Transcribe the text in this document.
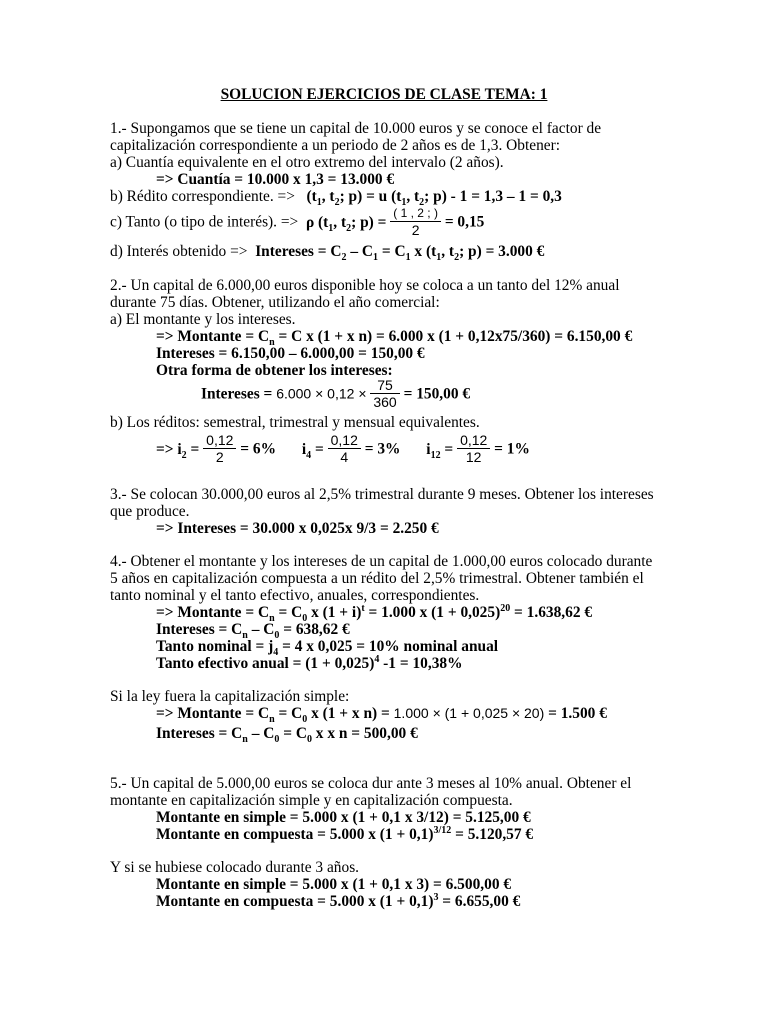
SOLUCION EJERCICIOS DE CLASE TEMA: 1
1.- Supongamos que se tiene un capital de 10.000 euros y se conoce el factor de
capitalización correspondiente a un periodo de 2 años es de 1,3. Obtener:
a) Cuantía equivalente en el otro extremo del intervalo (2 años).
=> Cuantía = 10.000 x 1,3 = 13.000 €
b) Rédito correspondiente. => ($t_1$, $t_2$; p) = u ($t_1$, $t_2$; p) - 1 = 1,3 – 1 = 0,3
c) Tanto (o tipo de interés). => ρ ($t_1$, $t_2$; $p) = \frac{( 1 , 2 ; )}{2} = 0,15$
d) Interés obtenido => Intereses = $C_2 - C_1 = C_1$ x ($t_1$, $t_2$; p) = 3.000 €
2.- Un capital de 6.000,00 euros disponible hoy se coloca a un tanto del 12% anual
durante 75 días. Obtener, utilizando el año comercial:
a) El montante y los intereses.
=> Montante = $C_n = C$ x (1 + x n) = 6.000 x (1 + 0,12x75/360) = 6.150,00 €
Intereses = 6.150,00 – 6.000,00 = 150,00 €
Otra forma de obtener los intereses:
Intereses = $6.000 \times 0,12 \times \frac{75}{360} = 150,00$ €
b) Los réditos: semestral, trimestral y mensual equivalentes.
=> $i_2 = \frac{0,12}{2} = 6\%$ $i_4 = \frac{0,12}{4} = 3\%$ $i_{12} = \frac{0,12}{12} = 1\%$
3.- Se colocan 30.000,00 euros al 2,5% trimestral durante 9 meses. Obtener los intereses
que produce.
=> Intereses = 30.000 x 0,025x 9/3 = 2.250 €
4.- Obtener el montante y los intereses de un capital de 1.000,00 euros colocado durante
5 años en capitalización compuesta a un rédito del 2,5% trimestral. Obtener también el
tanto nominal y el tanto efectivo, anuales, correspondientes.
=> Montante = $C_n = C_0$ x $(1 + i)^t = 1.000$ x $(1 + 0,025)^{20} = 1.638,62$ €
Intereses = $C_n - C_0 = 638,62$ €
Tanto nominal = $j_4 = 4$ x 0,025 = 10% nominal anual
Tanto efectivo anual = $(1 + 0,025)^4$ -1 = 10,38%
Si la ley fuera la capitalización simple:
=> Montante = $C_n = C_0$ x (1 + x n) = 1.000 × (1 + 0,025 × 20) = 1.500 €
Intereses = $C_n - C_0 = C_0$ x x n = 500,00 €
5.- Un capital de 5.000,00 euros se coloca dur ante 3 meses al 10% anual. Obtener el
montante en capitalización simple y en capitalización compuesta.
Montante en simple = 5.000 x (1 + 0,1 x 3/12) = 5.125,00 €
Montante en compuesta = 5.000 x $(1 + 0,1)^{3/12} = 5.120,57$ €
Y si se hubiese colocado durante 3 años.
Montante en simple = 5.000 x (1 + 0,1 x 3) = 6.500,00 €
Montante en compuesta = 5.000 x $(1 + 0,1)^3 = 6.655,00$ €
